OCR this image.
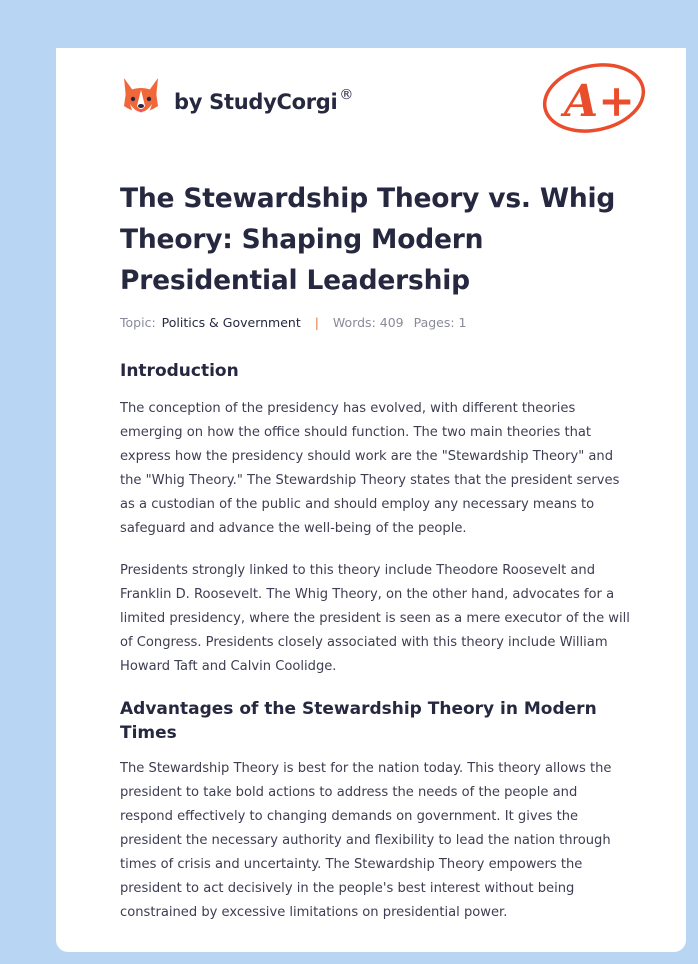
by StudyCorgi ®	A+
The Stewardship Theory vs. Whig Theory: Shaping Modern Presidential Leadership
Topic: Politics & Government | Words: 409 Pages: 1
Introduction

The conception of the presidency has evolved, with different theories emerging on how the office should function. The two main theories that express how the presidency should work are the "Stewardship Theory" and the "Whig Theory." The Stewardship Theory states that the president serves as a custodian of the public and should employ any necessary means to safeguard and advance the well-being of the people.

Presidents strongly linked to this theory include Theodore Roosevelt and Franklin D. Roosevelt. The Whig Theory, on the other hand, advocates for a limited presidency, where the president is seen as a mere executor of the will of Congress. Presidents closely associated with this theory include William Howard Taft and Calvin Coolidge.

Advantages of the Stewardship Theory in Modern Times

The Stewardship Theory is best for the nation today. This theory allows the president to take bold actions to address the needs of the people and respond effectively to changing demands on government. It gives the president the necessary authority and flexibility to lead the nation through times of crisis and uncertainty. The Stewardship Theory empowers the president to act decisively in the people's best interest without being constrained by excessive limitations on presidential power.
